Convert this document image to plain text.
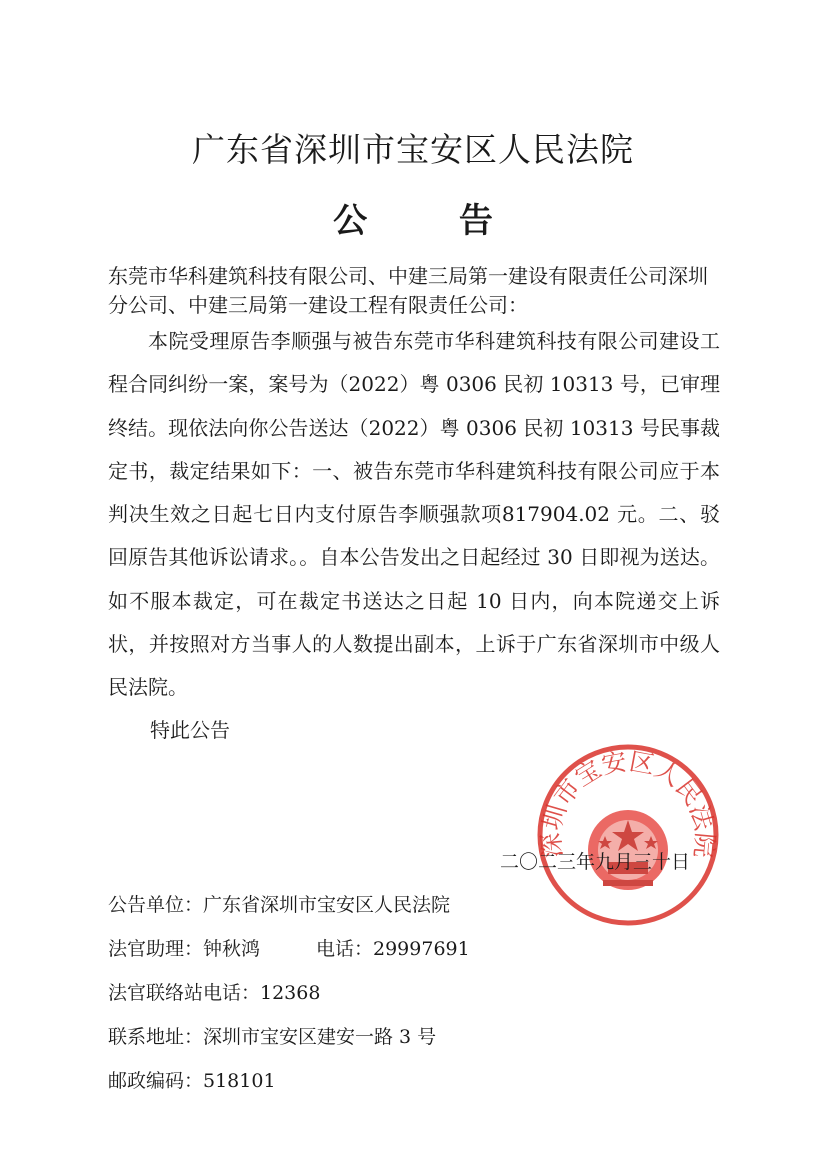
广东省深圳市宝安区人民法院
公 告
东莞市华科建筑科技有限公司、中建三局第一建设有限责任公司深圳分公司、中建三局第一建设工程有限责任公司：
本院受理原告李顺强与被告东莞市华科建筑科技有限公司建设工程合同纠纷一案，案号为（2022）粤 0306 民初 10313 号，已审理终结。现依法向你公告送达（2022）粤 0306 民初 10313 号民事裁定书，裁定结果如下：一、被告东莞市华科建筑科技有限公司应于本判决生效之日起七日内支付原告李顺强款项817904.02 元。二、驳回原告其他诉讼请求。。自本公告发出之日起经过 30 日即视为送达。如不服本裁定，可在裁定书送达之日起 10 日内，向本院递交上诉状，并按照对方当事人的人数提出副本，上诉于广东省深圳市中级人民法院。
特此公告
深圳市宝安区人民法院
二〇二三年九月三十日
公告单位：广东省深圳市宝安区人民法院
法官助理：钟秋鸿	电话：29997691
法官联络站电话：12368
联系地址：深圳市宝安区建安一路 3 号
邮政编码：518101
